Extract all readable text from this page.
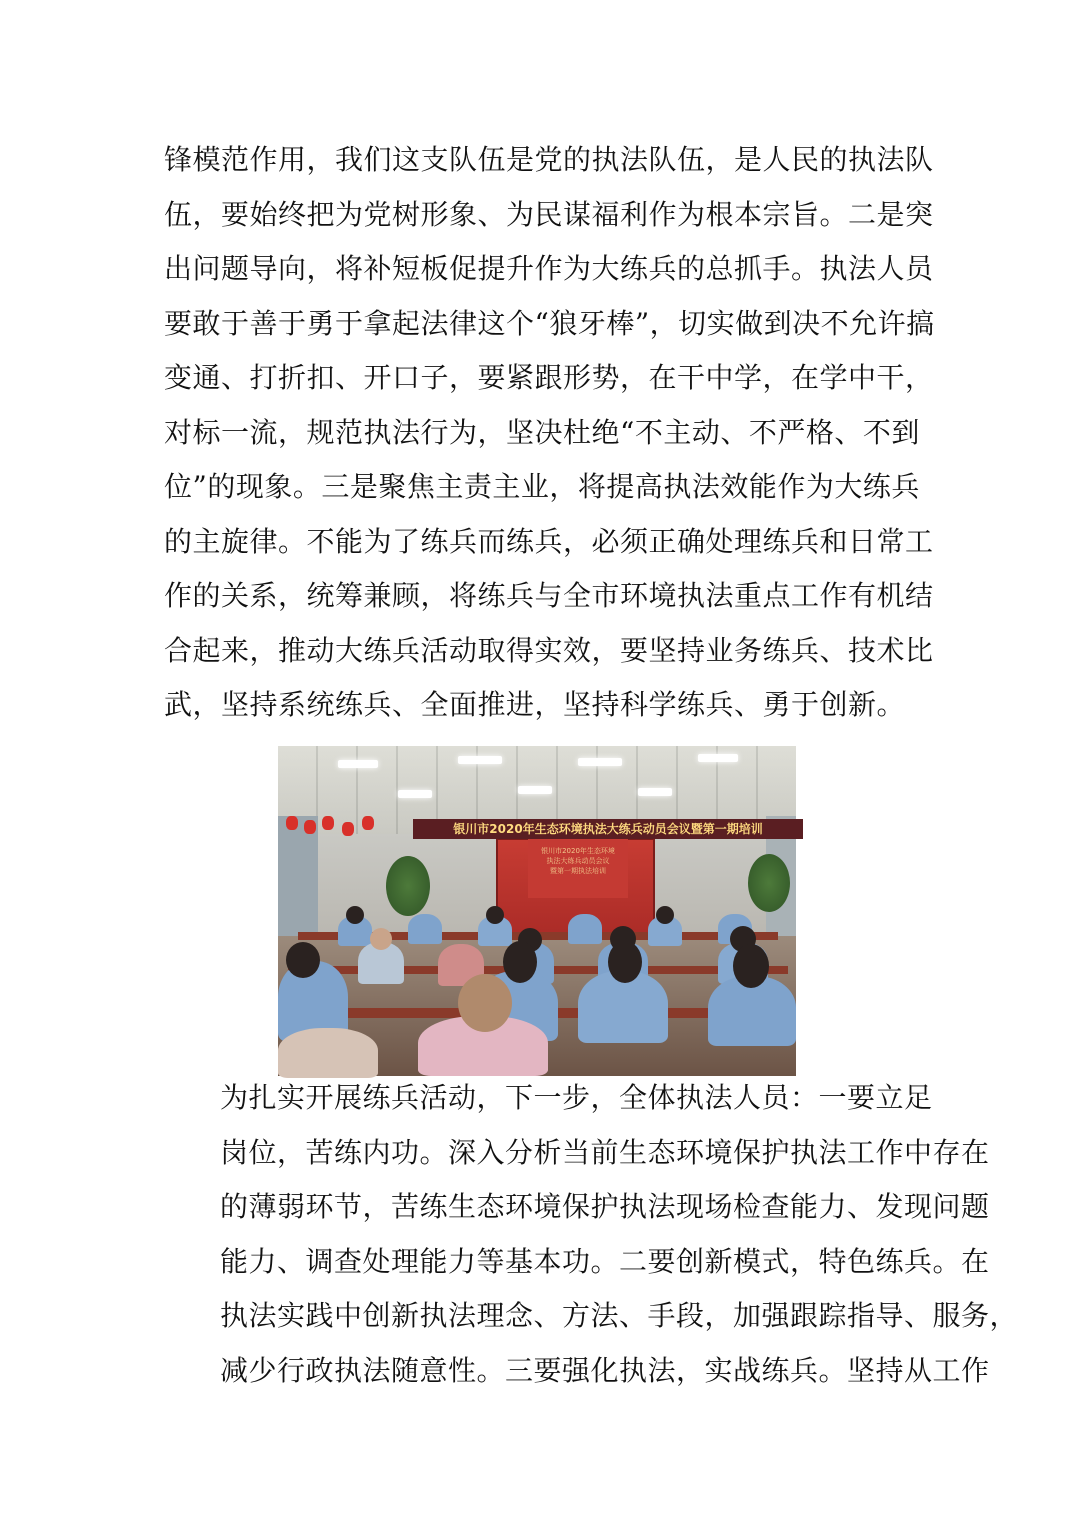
锋模范作用，我们这支队伍是党的执法队伍，是人民的执法队
伍，要始终把为党树形象、为民谋福利作为根本宗旨。二是突
出问题导向，将补短板促提升作为大练兵的总抓手。执法人员
要敢于善于勇于拿起法律这个“狼牙棒”，切实做到决不允许搞
变通、打折扣、开口子，要紧跟形势，在干中学，在学中干，
对标一流，规范执法行为，坚决杜绝“不主动、不严格、不到
位”的现象。三是聚焦主责主业，将提高执法效能作为大练兵
的主旋律。不能为了练兵而练兵，必须正确处理练兵和日常工
作的关系，统筹兼顾，将练兵与全市环境执法重点工作有机结
合起来，推动大练兵活动取得实效，要坚持业务练兵、技术比
武，坚持系统练兵、全面推进，坚持科学练兵、勇于创新。
银川市2020年生态环境
执法大练兵动员会议
暨第一期执法培训
银川市2020年生态环境执法大练兵动员会议暨第一期培训
为扎实开展练兵活动，下一步，全体执法人员：一要立足
岗位，苦练内功。深入分析当前生态环境保护执法工作中存在
的薄弱环节，苦练生态环境保护执法现场检查能力、发现问题
能力、调查处理能力等基本功。二要创新模式，特色练兵。在
执法实践中创新执法理念、方法、手段，加强跟踪指导、服务，
减少行政执法随意性。三要强化执法，实战练兵。坚持从工作
